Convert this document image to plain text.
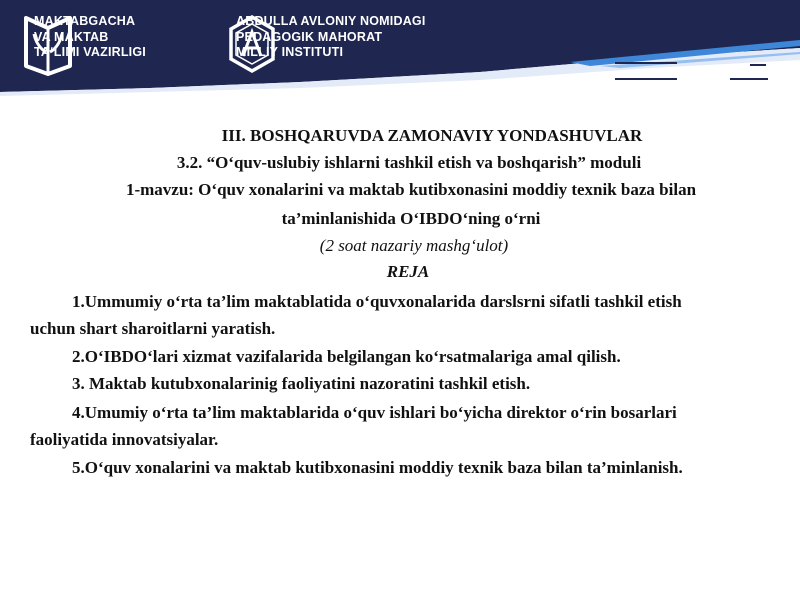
MAKTABGACHA
VA MAKTAB
TA‘LIMI VAZIRLIGI
ABDULLA AVLONIY NOMIDAGI
PEDAGOGIK MAHORAT
MILLIY INSTITUTI
III. BOSHQARUVDA ZAMONAVIY YONDASHUVLAR
3.2. “O‘quv-uslubiy ishlarni tashkil etish va boshqarish” moduli
1-mavzu: O‘quv xonalarini va maktab kutibxonasini moddiy texnik baza bilan
ta’minlanishida O‘IBDO‘ning o‘rni
(2 soat nazariy mashg‘ulot)
REJA
1.Ummumiy o‘rta ta’lim maktablatida o‘quvxonalarida darslsrni sifatli tashkil etish
uchun shart sharoitlarni yaratish.
2.O‘IBDO‘lari xizmat vazifalarida belgilangan ko‘rsatmalariga amal qilish.
3. Maktab kutubxonalarinig faoliyatini nazoratini tashkil etish.
4.Umumiy o‘rta ta’lim maktablarida o‘quv ishlari bo‘yicha direktor o‘rin bosarlari
faoliyatida innovatsiyalar.
5.O‘quv xonalarini va maktab kutibxonasini moddiy texnik baza bilan ta’minlanish.
